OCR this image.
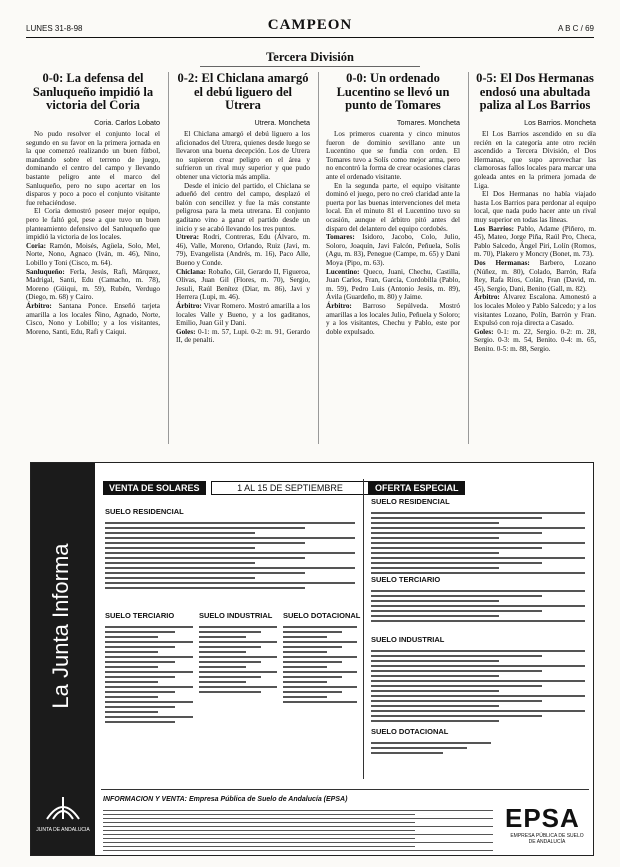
LUNES 31-8-98	CAMPEON	A B C / 69
Tercera División
0-0: La defensa del Sanluqueño impidió la victoria del Coria
Coria. Carlos Lobato

No pudo resolver el conjunto local el segundo en su favor en la primera jornada en la que comenzó realizando un buen fútbol, mandando sobre el terreno de juego, dominando el centro del campo y llevando bastante peligro ante el marco del Sanluqueño, pero no supo acertar en los disparos y poco a poco el conjunto visitante fue rehaciéndose.

El Coria demostró poseer mejor equipo, pero le faltó gol, pese a que tuvo un buen planteamiento defensivo del Sanluqueño que impidió la victoria de los locales.

Coria: Ramón, Moisés, Agüela, Solo, Mel, Norte, Nono, Agnaco (Iván, m. 46), Nino, Lobillo y Toni (Cisco, m. 64).

Sanluqueño: Ferla, Jesús, Rafi, Márquez, Madrigal, Santi, Edu (Camacho, m. 78), Moreno (Güiqui, m. 59), Rubén, Verdugo (Diego, m. 68) y Cairo.

Árbitro: Santana Ponce. Enseñó tarjeta amarilla a los locales Ñino, Agnado, Norte, Cisco, Nono y Lobillo; y a los visitantes, Moreno, Santi, Edu, Rafi y Caiqui.

0-2: El Chiclana amargó el debú liguero del Utrera
Utrera. Moncheta

El Chiclana amargó el debú liguero a los aficionados del Utrera, quienes desde luego se llevaron una buena decepción. Los de Utrera no supieron crear peligro en el área y sufrieron un rival muy superior y que pudo obtener una victoria más amplia.

Desde el inicio del partido, el Chiclana se adueñó del centro del campo, desplazó el balón con sencillez y fue la más constante peligrosa para la meta utrerana. El conjunto gaditano vino a ganar el partido desde un inicio y se acabó llevando los tres puntos.

Utrera: Rodri, Contreras, Edu (Álvaro, m. 46), Valle, Moreno, Orlando, Ruiz (Javi, m. 79), Evangelista (Andrés, m. 16), Paco Alle, Bueno y Conde.

Chiclana: Robaño, Gil, Gerardo II, Figueroa, Olivas, Juan Gil (Flores, m. 70), Sergio, Jesuli, Raúl Benítez (Diar, m. 86), Javi y Herrera (Lupi, m. 46).

Árbitro: Vivar Romero. Mostró amarilla a los locales Valle y Bueno, y a los gaditanos, Emilio, Juan Gil y Dani.

Goles: 0-1: m. 57, Lupi. 0-2: m. 91, Gerardo II, de penalti.

0-0: Un ordenado Lucentino se llevó un punto de Tomares
Tomares. Moncheta

Los primeros cuarenta y cinco minutos fueron de dominio sevillano ante un Lucentino que se fundía con orden. El Tomares tuvo a Solís como mejor arma, pero no encontró la forma de crear ocasiones claras ante el ordenado visitante.

En la segunda parte, el equipo visitante dominó el juego, pero no creó claridad ante la puerta por las buenas intervenciones del meta local. En el minuto 81 el Lucentino tuvo su ocasión, aunque el árbitro pitó antes del disparo del delantero del equipo cordobés.

Tomares: Isidoro, Jacobo, Colo, Julio, Soloro, Joaquín, Javi Falcón, Peñuela, Solís (Agu, m. 83), Penegue (Campe, m. 65) y Dani Moya (Pipo, m. 63).

Lucentino: Queco, Juani, Chechu, Castilla, Juan Carlos, Fran, García, Cordobilla (Pablo, m. 59), Pedro Luis (Antonio Jesús, m. 89), Ávila (Guardeño, m. 80) y Jaime.

Árbitro: Barroso Sepúlveda. Mostró amarillas a los locales Julio, Peñuela y Soloro; y a los visitantes, Chechu y Pablo, este por doble expulsado.

0-5: El Dos Hermanas endosó una abultada paliza al Los Barrios
Los Barrios. Moncheta

El Los Barrios ascendido en su día recién en la categoría ante otro recién ascendido a Tercera División, el Dos Hermanas, que supo aprovechar las clamorosas fallos locales para marcar una goleada antes en la primera jornada de Liga.

El Dos Hermanas no había viajado hasta Los Barrios para perdonar al equipo local, que nada pudo hacer ante un rival muy superior en todas las líneas.

Los Barrios: Pablo, Adame (Piñero, m. 45), Mateo, Jorge Piña, Raúl Pro, Checa, Pablo Salcedo, Ángel Piri, Lolín (Romos, m. 70), Plakero y Moncry (Bonet, m. 73).

Dos Hermanas: Barbero, Lozano (Núñez, m. 80), Colado, Barrón, Rafa Rey, Rafa Ríos, Colán, Fran (David, m. 45), Sergio, Dani, Benito (Gall, m. 82).

Árbitro: Álvarez Escalona. Amonestó a los locales Moleo y Pablo Salcedo; y a los visitantes Lozano, Polín, Barrón y Fran. Expulsó con roja directa a Casado.

Goles: 0-1: m. 22, Sergio. 0-2: m. 28, Sergio. 0-3: m. 54, Benito. 0-4: m. 65, Benito. 0-5: m. 88, Sergio.

La Junta Informa
JUNTA DE ANDALUCIA
VENTA DE SOLARES	1 AL 15 DE SEPTIEMBRE	OFERTA ESPECIAL
SUELO RESIDENCIAL
SUELO TERCIARIO	SUELO INDUSTRIAL SUELO DOTACIONAL
SUELO RESIDENCIAL
SUELO TERCIARIO
SUELO INDUSTRIAL
SUELO DOTACIONAL
INFORMACION Y VENTA: Empresa Pública de Suelo de Andalucía (EPSA)
EPSA
EMPRESA PÚBLICA DE SUELO DE ANDALUCÍA
